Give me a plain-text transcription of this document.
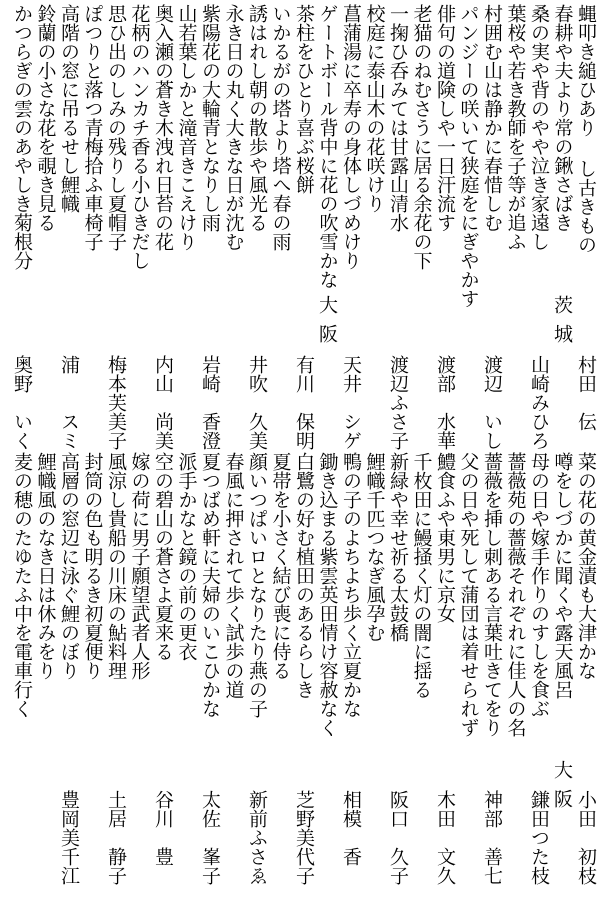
蝿叩き縋ひあり し古きもの
春耕や夫より常の鍬さばき
桑の実や背のやや泣き家遠し
葉桜や若き教師を子等が追ふ
村囲む山は静かに春惜しむ
パンジーの咲いて狭庭をにぎやかす
俳句の道険しや一日汗流す
老猫のねむさうに居る余花の下
一掬ひ呑みては甘露山清水
校庭に泰山木の花咲けり
菖蒲湯に卒寿の身体しづめけり
ゲートボール背中に花の吹雪かな
茶柱をひとり喜ぶ桜餅
いかるがの塔より塔へ春の雨
誘はれし朝の散歩や風光る
永き日の丸く大きな日が沈む
紫陽花の大輪青となりし雨
山若葉しかと滝音きこえけり
奥入瀬の蒼き木洩れ日苔の花
花柄のハンカチ香る小ひきだし
思ひ出のしみの残りし夏帽子
ぽつりと落つ青梅拾ふ車椅子
高階の窓に吊るせし鯉幟
鈴蘭の小さな花を覗き見る
かつらぎの雲のあやしき菊根分
茨城
村田　伝
山崎みひろ
渡辺　いし
渡部　水華
渡辺ふさ子
大阪
天井　シゲ
有川　保明
井吹　久美
岩崎　香澄
内山　尚美
梅本芙美子
浦　　スミ
奥野　いく
菜の花の黄金漬も大津かな
噂をしづかに聞くや露天風呂
母の日や嫁手作りのすしを食ぶ
薔薇苑の薔薇それぞれに佳人の名
薔薇を挿し刺ある言葉吐きてをり
父の日や死して蒲団は着せられず
鱧食ふや東男に京女
千枚田に鰻掻く灯の闇に揺る
新緑や幸せ祈る太鼓橋
鯉幟千匹つなぎ風孕む
鴨の子のよちよち歩く立夏かな
鋤き込まる紫雲英田情け容赦なく
白鷺の好む植田のあるらしき
夏帯を小さく結び喪に侍る
顔いつぱいロとなりたり燕の子
春風に押されて歩く試歩の道
夏つばめ軒に夫婦のいこひかな
派手かなと鏡の前の更衣
空の碧山の蒼さよ夏来る
嫁の荷に男子願望武者人形
風涼し貴船の川床の鮎料理
封筒の色も明るき初夏便り
高層の窓辺に泳ぐ鯉のぼり
鯉幟風のなき日は休みをり
麦の穂のたゆたふ中を電車行く
大阪
小田　初枝
鎌田つた枝
神部　善七
木田　文久
阪口　久子
相模　香
芝野美代子
新前ふさゑ
太佐　峯子
谷川　豊
土居　静子
豊岡美千江
